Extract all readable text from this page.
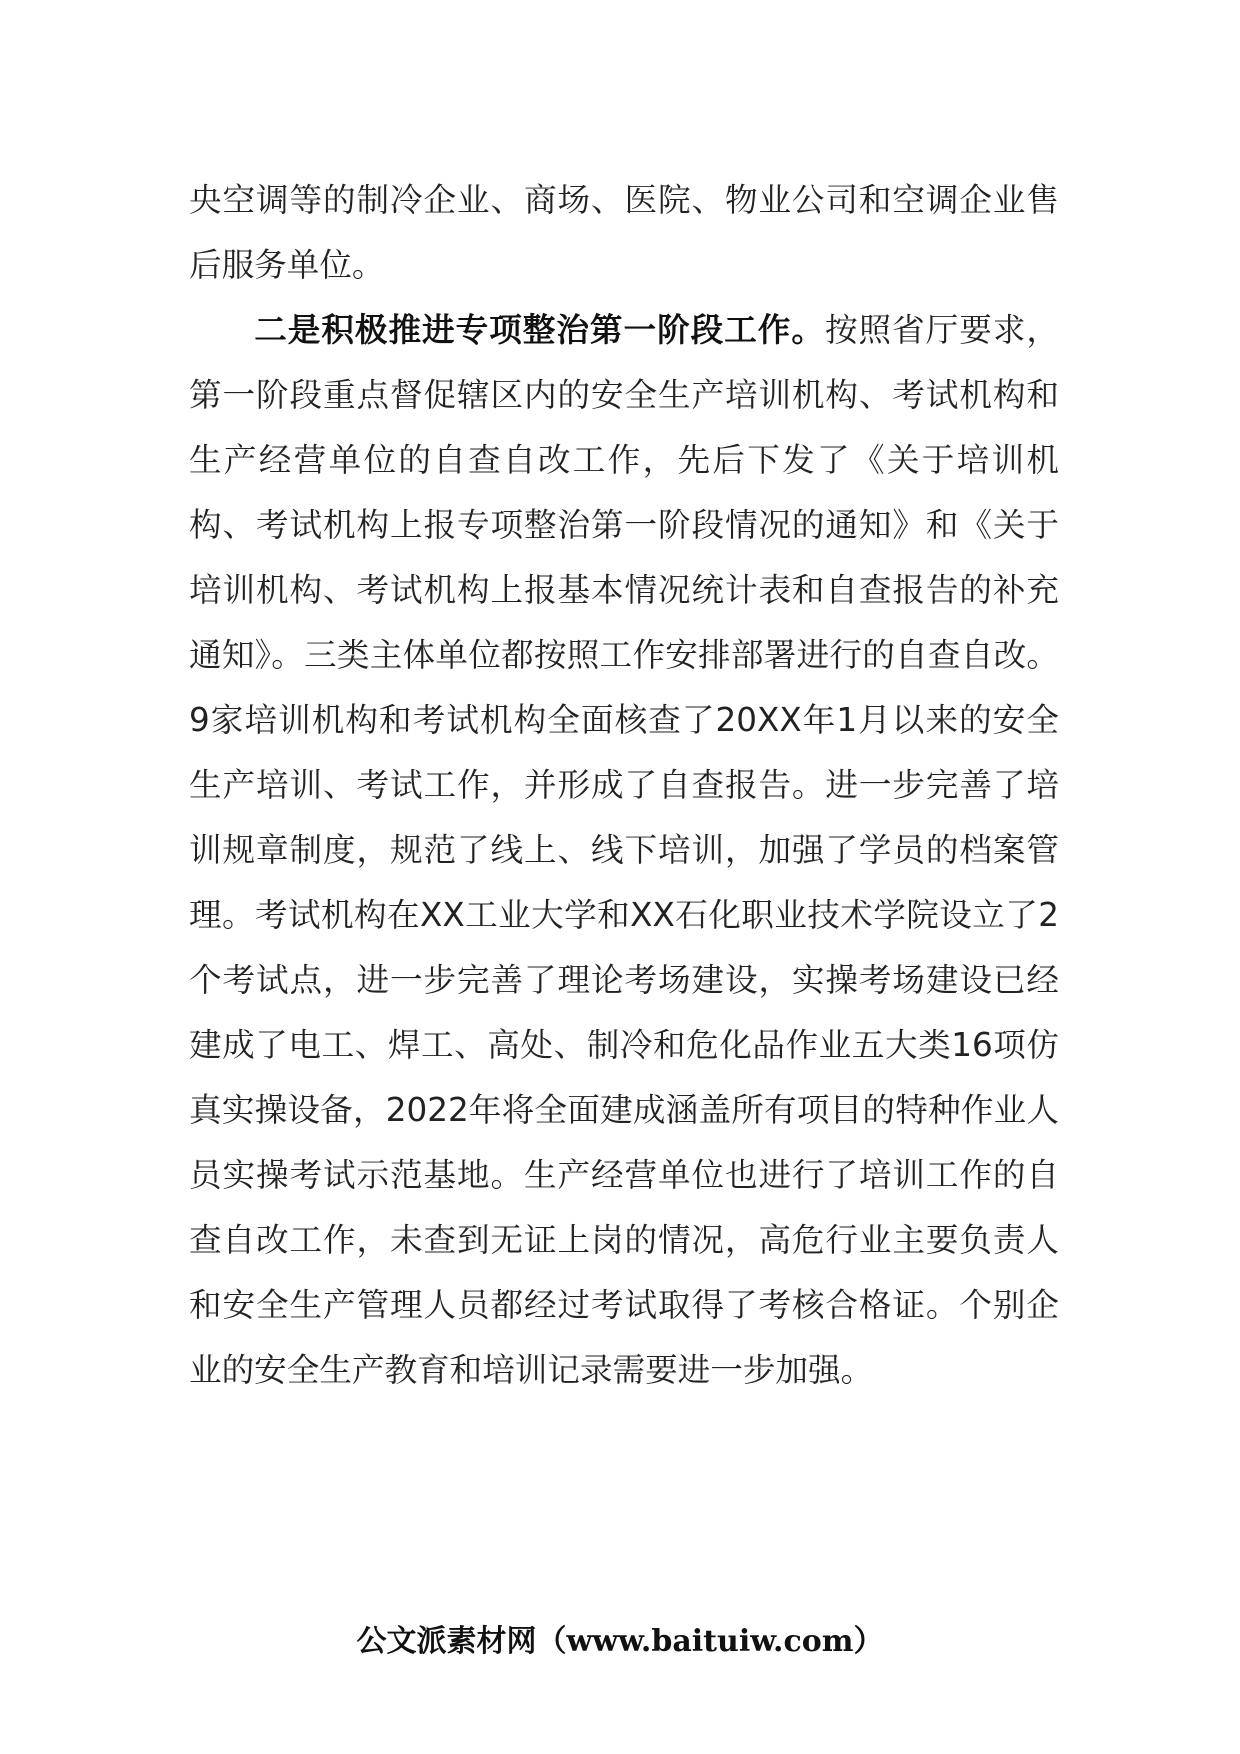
央空调等的制冷企业、商场、医院、物业公司和空调企业售后服务单位。

二是积极推进专项整治第一阶段工作。按照省厅要求，第一阶段重点督促辖区内的安全生产培训机构、考试机构和生产经营单位的自查自改工作，先后下发了《关于培训机构、考试机构上报专项整治第一阶段情况的通知》和《关于培训机构、考试机构上报基本情况统计表和自查报告的补充通知》。三类主体单位都按照工作安排部署进行的自查自改。9家培训机构和考试机构全面核查了20XX年1月以来的安全生产培训、考试工作，并形成了自查报告。进一步完善了培训规章制度，规范了线上、线下培训，加强了学员的档案管理。考试机构在XX工业大学和XX石化职业技术学院设立了2个考试点，进一步完善了理论考场建设，实操考场建设已经建成了电工、焊工、高处、制冷和危化品作业五大类16项仿真实操设备，2022年将全面建成涵盖所有项目的特种作业人员实操考试示范基地。生产经营单位也进行了培训工作的自查自改工作，未查到无证上岗的情况，高危行业主要负责人和安全生产管理人员都经过考试取得了考核合格证。个别企业的安全生产教育和培训记录需要进一步加强。

公文派素材网（www.baituiw.com）
